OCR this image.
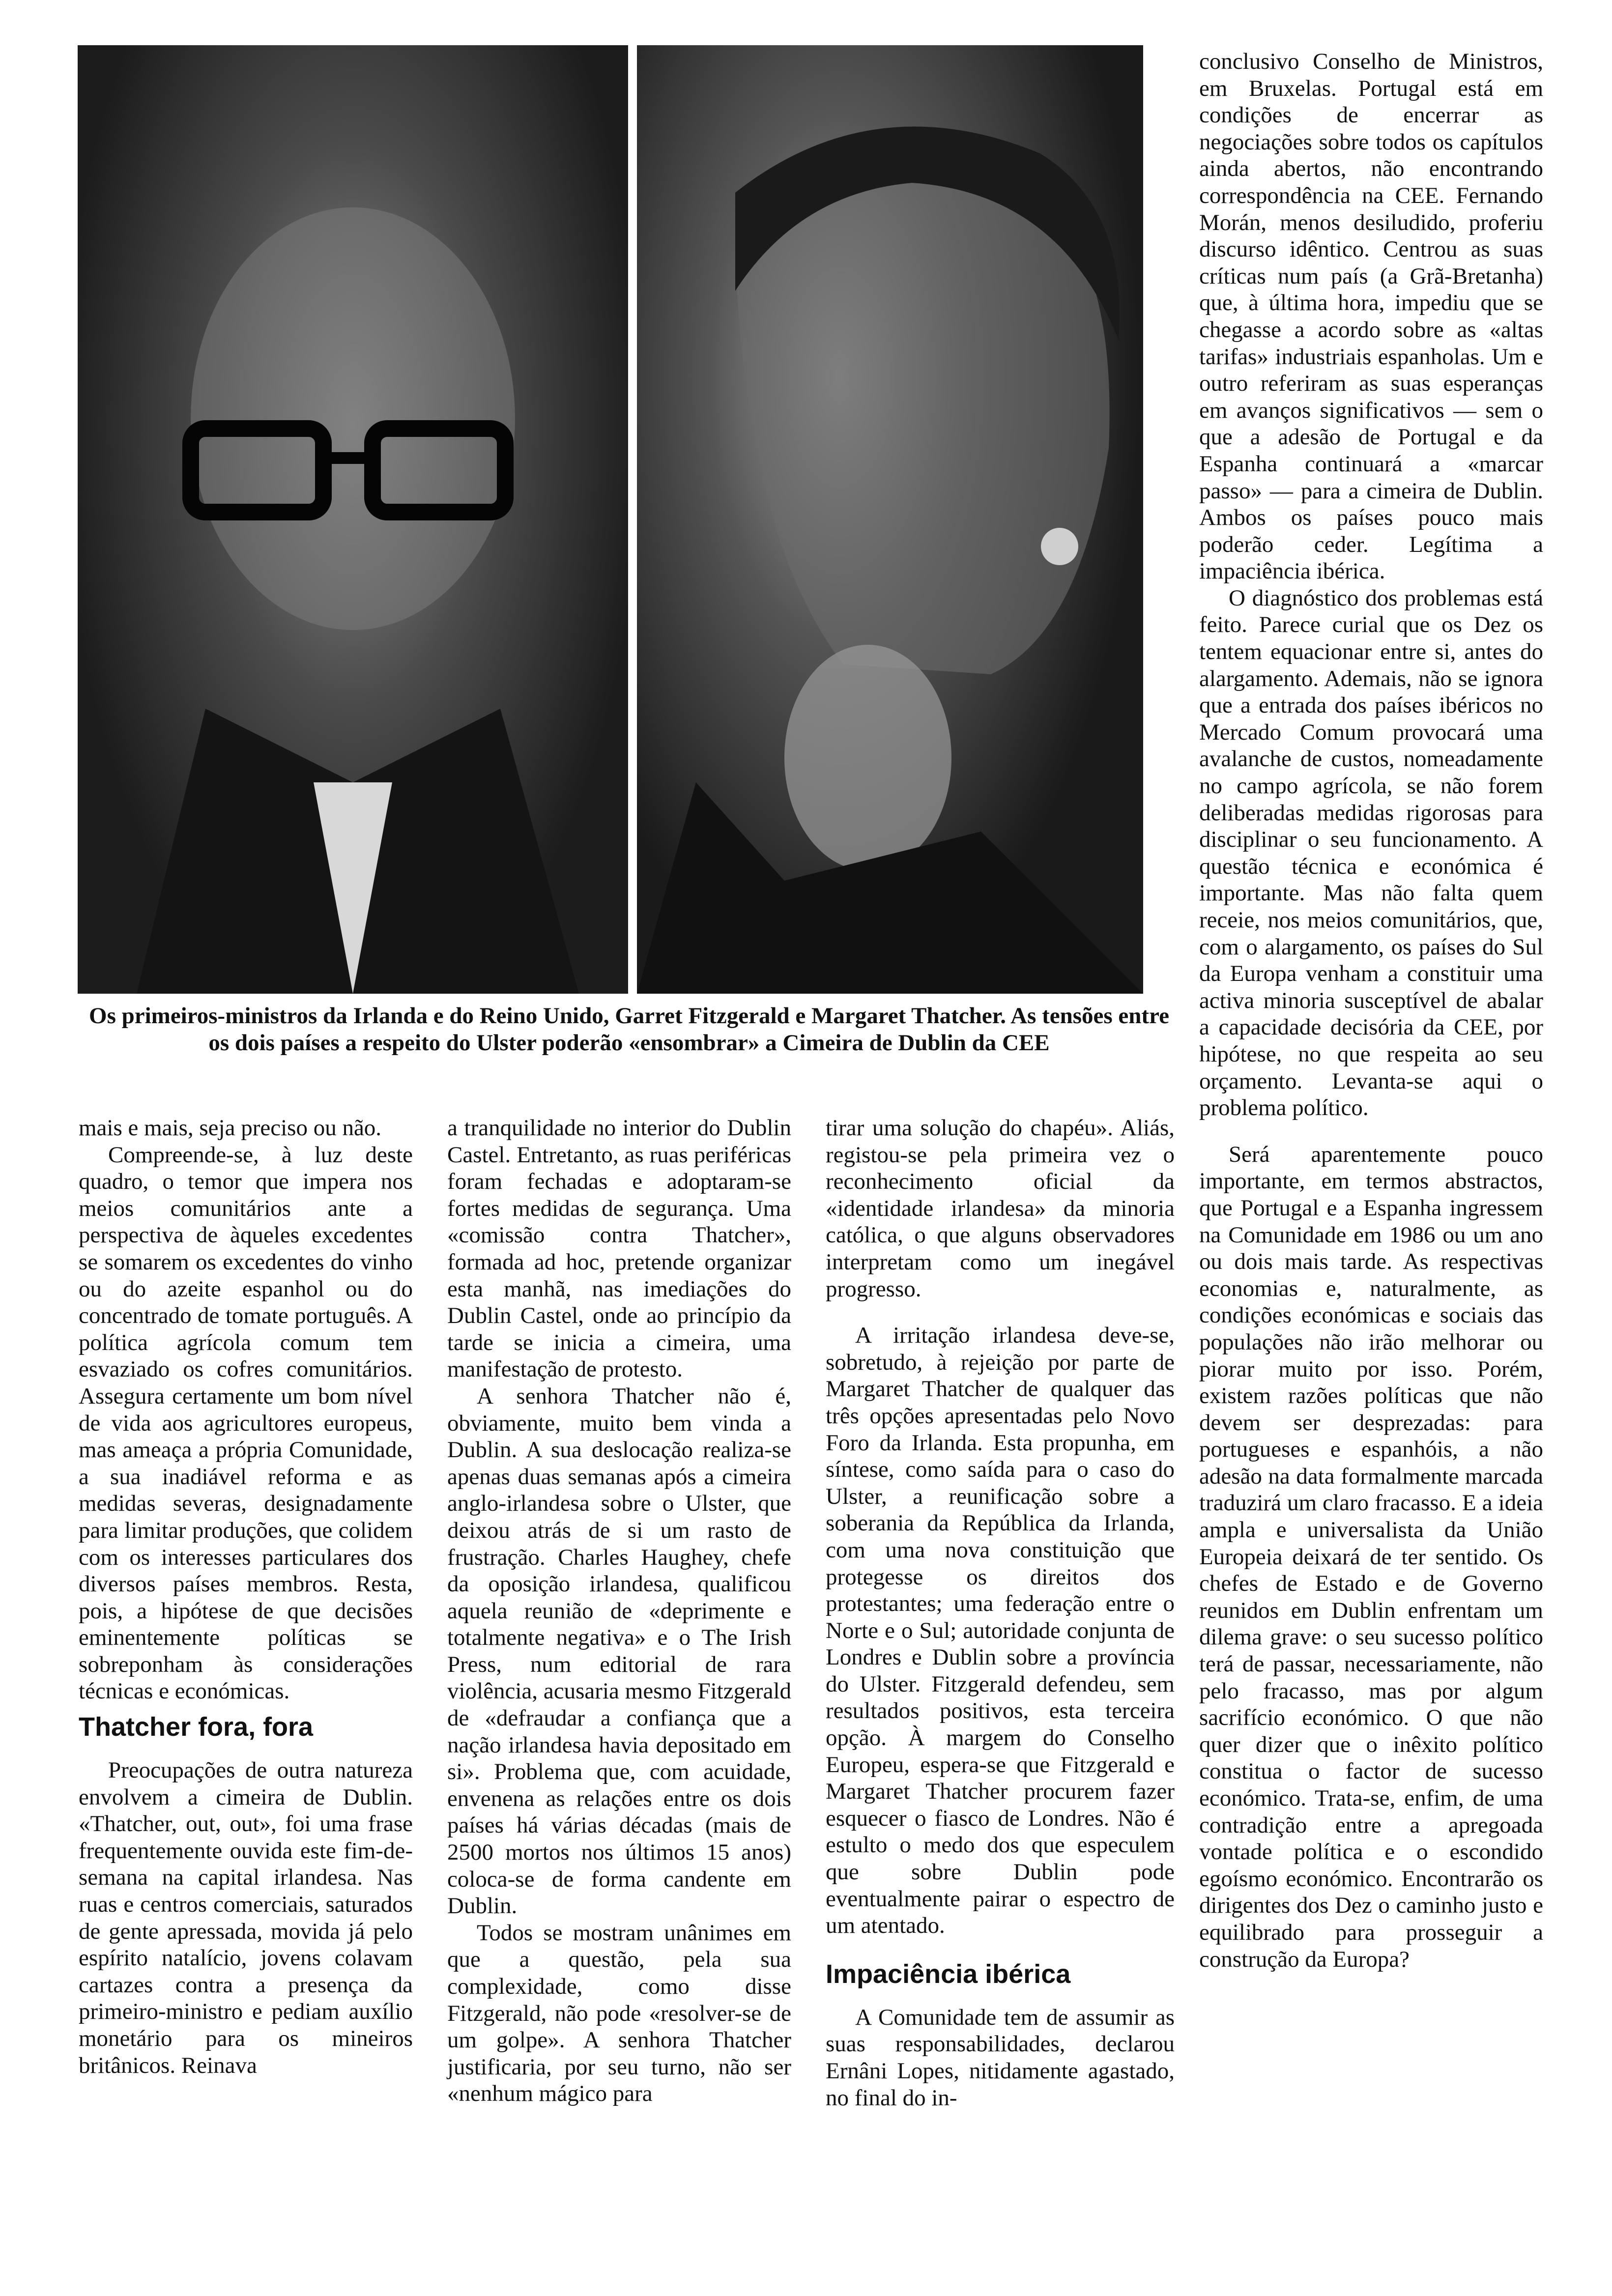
Os primeiros-ministros da Irlanda e do Reino Unido, Garret Fitzgerald e Margaret Thatcher. As tensões entre os dois países a respeito do Ulster poderão «ensombrar» a Cimeira de Dublin da CEE

mais e mais, seja preciso ou não.

Compreende-se, à luz deste quadro, o temor que impera nos meios comunitários ante a perspectiva de àqueles excedentes se somarem os excedentes do vinho ou do azeite espanhol ou do concentrado de tomate português. A política agrícola comum tem esvaziado os cofres comunitários. Assegura certamente um bom nível de vida aos agricultores europeus, mas ameaça a própria Comunidade, a sua inadiável reforma e as medidas severas, designadamente para limitar produções, que colidem com os interesses particulares dos diversos países membros. Resta, pois, a hipótese de que decisões eminentemente políticas se sobreponham às considerações técnicas e económicas.

Thatcher fora, fora

Preocupações de outra natureza envolvem a cimeira de Dublin. «Thatcher, out, out», foi uma frase frequentemente ouvida este fim-de-semana na capital irlandesa. Nas ruas e centros comerciais, saturados de gente apressada, movida já pelo espírito natalício, jovens colavam cartazes contra a presença da primeiro-ministro e pediam auxílio monetário para os mineiros britânicos. Reinava

a tranquilidade no interior do Dublin Castel. Entretanto, as ruas periféricas foram fechadas e adoptaram-se fortes medidas de segurança. Uma «comissão contra Thatcher», formada ad hoc, pretende organizar esta manhã, nas imediações do Dublin Castel, onde ao princípio da tarde se inicia a cimeira, uma manifestação de protesto.

A senhora Thatcher não é, obviamente, muito bem vinda a Dublin. A sua deslocação realiza-se apenas duas semanas após a cimeira anglo-irlandesa sobre o Ulster, que deixou atrás de si um rasto de frustração. Charles Haughey, chefe da oposição irlandesa, qualificou aquela reunião de «deprimente e totalmente negativa» e o The Irish Press, num editorial de rara violência, acusaria mesmo Fitzgerald de «defraudar a confiança que a nação irlandesa havia depositado em si». Problema que, com acuidade, envenena as relações entre os dois países há várias décadas (mais de 2500 mortos nos últimos 15 anos) coloca-se de forma candente em Dublin.

Todos se mostram unânimes em que a questão, pela sua complexidade, como disse Fitzgerald, não pode «resolver-se de um golpe». A senhora Thatcher justificaria, por seu turno, não ser «nenhum mágico para

tirar uma solução do chapéu». Aliás, registou-se pela primeira vez o reconhecimento oficial da «identidade irlandesa» da minoria católica, o que alguns observadores interpretam como um inegável progresso.

A irritação irlandesa deve-se, sobretudo, à rejeição por parte de Margaret Thatcher de qualquer das três opções apresentadas pelo Novo Foro da Irlanda. Esta propunha, em síntese, como saída para o caso do Ulster, a reunificação sobre a soberania da República da Irlanda, com uma nova constituição que protegesse os direitos dos protestantes; uma federação entre o Norte e o Sul; autoridade conjunta de Londres e Dublin sobre a província do Ulster. Fitzgerald defendeu, sem resultados positivos, esta terceira opção. À margem do Conselho Europeu, espera-se que Fitzgerald e Margaret Thatcher procurem fazer esquecer o fiasco de Londres. Não é estulto o medo dos que especulem que sobre Dublin pode eventualmente pairar o espectro de um atentado.

Impaciência ibérica

A Comunidade tem de assumir as suas responsabilidades, declarou Ernâni Lopes, nitidamente agastado, no final do in-

conclusivo Conselho de Ministros, em Bruxelas. Portugal está em condições de encerrar as negociações sobre todos os capítulos ainda abertos, não encontrando correspondência na CEE. Fernando Morán, menos desiludido, proferiu discurso idêntico. Centrou as suas críticas num país (a Grã-Bretanha) que, à última hora, impediu que se chegasse a acordo sobre as «altas tarifas» industriais espanholas. Um e outro referiram as suas esperanças em avanços significativos — sem o que a adesão de Portugal e da Espanha continuará a «marcar passo» — para a cimeira de Dublin. Ambos os países pouco mais poderão ceder. Legítima a impaciência ibérica.

O diagnóstico dos problemas está feito. Parece curial que os Dez os tentem equacionar entre si, antes do alargamento. Ademais, não se ignora que a entrada dos países ibéricos no Mercado Comum provocará uma avalanche de custos, nomeadamente no campo agrícola, se não forem deliberadas medidas rigorosas para disciplinar o seu funcionamento. A questão técnica e económica é importante. Mas não falta quem receie, nos meios comunitários, que, com o alargamento, os países do Sul da Europa venham a constituir uma activa minoria susceptível de abalar a capacidade decisória da CEE, por hipótese, no que respeita ao seu orçamento. Levanta-se aqui o problema político.

Será aparentemente pouco importante, em termos abstractos, que Portugal e a Espanha ingressem na Comunidade em 1986 ou um ano ou dois mais tarde. As respectivas economias e, naturalmente, as condições económicas e sociais das populações não irão melhorar ou piorar muito por isso. Porém, existem razões políticas que não devem ser desprezadas: para portugueses e espanhóis, a não adesão na data formalmente marcada traduzirá um claro fracasso. E a ideia ampla e universalista da União Europeia deixará de ter sentido. Os chefes de Estado e de Governo reunidos em Dublin enfrentam um dilema grave: o seu sucesso político terá de passar, necessariamente, não pelo fracasso, mas por algum sacrifício económico. O que não quer dizer que o inêxito político constitua o factor de sucesso económico. Trata-se, enfim, de uma contradição entre a apregoada vontade política e o escondido egoísmo económico. Encontrarão os dirigentes dos Dez o caminho justo e equilibrado para prosseguir a construção da Europa?
